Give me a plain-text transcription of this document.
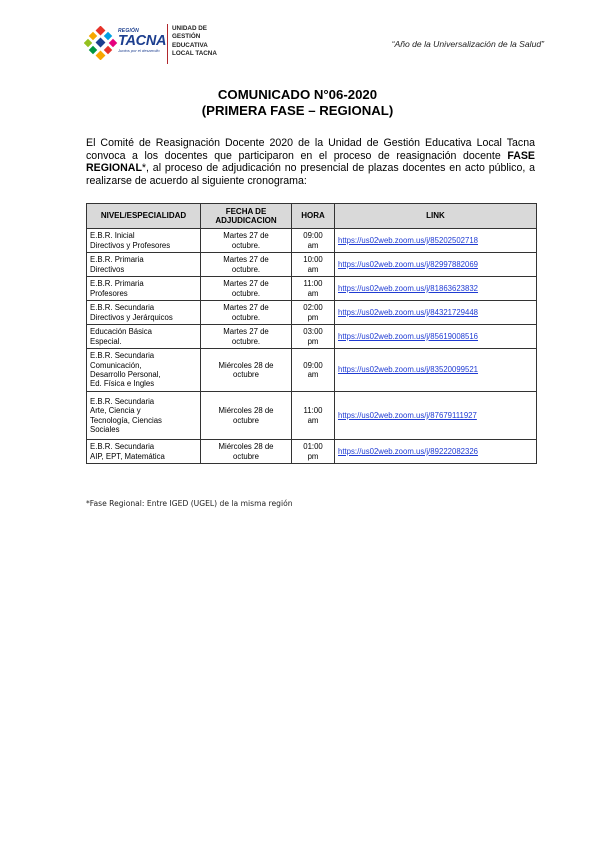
REGIÓN
TACNA
Juntos por el desarrollo
UNIDAD DE
GESTIÓN
EDUCATIVA
LOCAL TACNA
“Año de la Universalización de la Salud”
COMUNICADO N°06-2020
(PRIMERA FASE – REGIONAL)
El Comité de Reasignación Docente 2020 de la Unidad de Gestión Educativa Local Tacna convoca a los docentes que participaron en el proceso de reasignación docente FASE REGIONAL*, al proceso de adjudicación no presencial de plazas docentes en acto público, a realizarse de acuerdo al siguiente cronograma:
NIVEL/ESPECIALIDAD	FECHA DE ADJUDICACION	HORA	LINK

E.B.R. Inicial
Directivos y Profesores	Martes 27 de
octubre.	09:00
am	https://us02web.zoom.us/j/85202502718

E.B.R. Primaria
Directivos	Martes 27 de
octubre.	10:00
am	https://us02web.zoom.us/j/82997882069

E.B.R. Primaria
Profesores	Martes 27 de
octubre.	11:00
am	https://us02web.zoom.us/j/81863623832

E.B.R. Secundaria
Directivos y Jerárquicos	Martes 27 de
octubre.	02:00
pm	https://us02web.zoom.us/j/84321729448

Educación Básica
Especial.	Martes 27 de
octubre.	03:00
pm	https://us02web.zoom.us/j/85619008516

E.B.R. Secundaria
Comunicación,
Desarrollo Personal,
Ed. Física e Ingles	Miércoles 28 de
octubre	09:00
am	https://us02web.zoom.us/j/83520099521

E.B.R. Secundaria
Arte, Ciencia y
Tecnología, Ciencias
Sociales	Miércoles 28 de
octubre	11:00
am	https://us02web.zoom.us/j/87679111927

E.B.R. Secundaria
AIP, EPT, Matemática	Miércoles 28 de
octubre	01:00
pm	https://us02web.zoom.us/j/89222082326
*Fase Regional: Entre IGED (UGEL) de la misma región
